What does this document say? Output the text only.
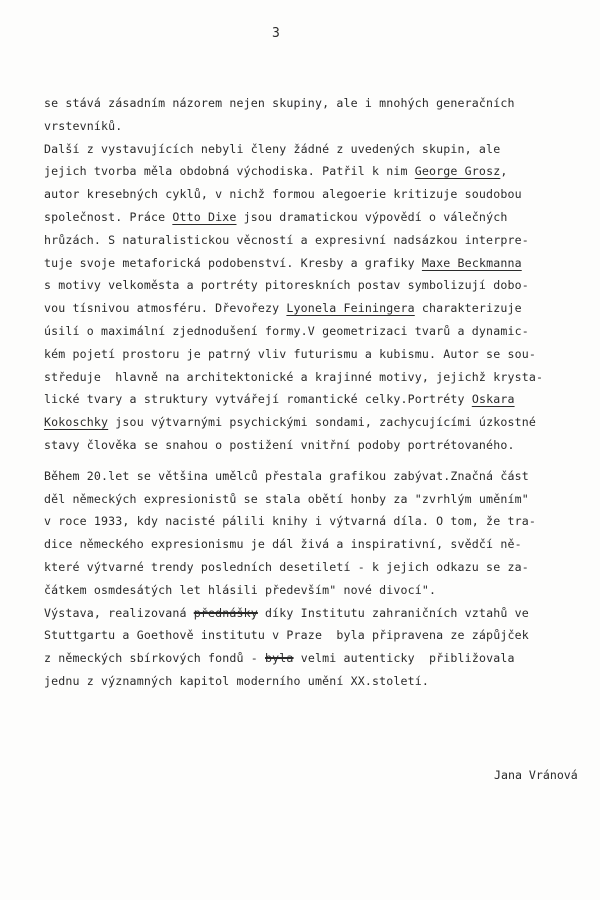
3
se stává zásadním názorem nejen skupiny, ale i mnohých generačních
vrstevníků.
Další z vystavujících nebyli členy žádné z uvedených skupin, ale
jejich tvorba měla obdobná východiska. Patřil k nim George Grosz,
autor kresebných cyklů, v nichž formou alegoerie kritizuje soudobou
společnost. Práce Otto Dixe jsou dramatickou výpovědí o válečných
hrůzách. S naturalistickou věcností a expresivní nadsázkou interpre-
tuje svoje metaforická podobenství. Kresby a grafiky Maxe Beckmanna
s motivy velkoměsta a portréty pitoreskních postav symbolizují dobo-
vou tísnivou atmosféru. Dřevořezy Lyonela Feiningera charakterizuje
úsilí o maximální zjednodušení formy.V geometrizaci tvarů a dynamic-
kém pojetí prostoru je patrný vliv futurismu a kubismu. Autor se sou-
středuje  hlavně na architektonické a krajinné motivy, jejichž krysta-
lické tvary a struktury vytvářejí romantické celky.Portréty Oskara
Kokoschky jsou výtvarnými psychickými sondami, zachycujícími úzkostné
stavy člověka se snahou o postižení vnitřní podoby portrétovaného.
Během 20.let se většina umělců přestala grafikou zabývat.Značná část
děl německých expresionistů se stala obětí honby za "zvrhlým uměním"
v roce 1933, kdy nacisté pálili knihy i výtvarná díla. O tom, že tra-
dice německého expresionismu je dál živá a inspirativní, svědčí ně-
které výtvarné trendy posledních desetiletí - k jejich odkazu se za-
čátkem osmdesátých let hlásili především" nové divocí".
Výstava, realizovaná přednášky díky Institutu zahraničních vztahů ve
Stuttgartu a Goethově institutu v Praze  byla připravena ze zápůjček
z německých sbírkových fondů - byla velmi autenticky  přibližovala
jednu z významných kapitol moderního umění XX.století.
Jana Vránová
